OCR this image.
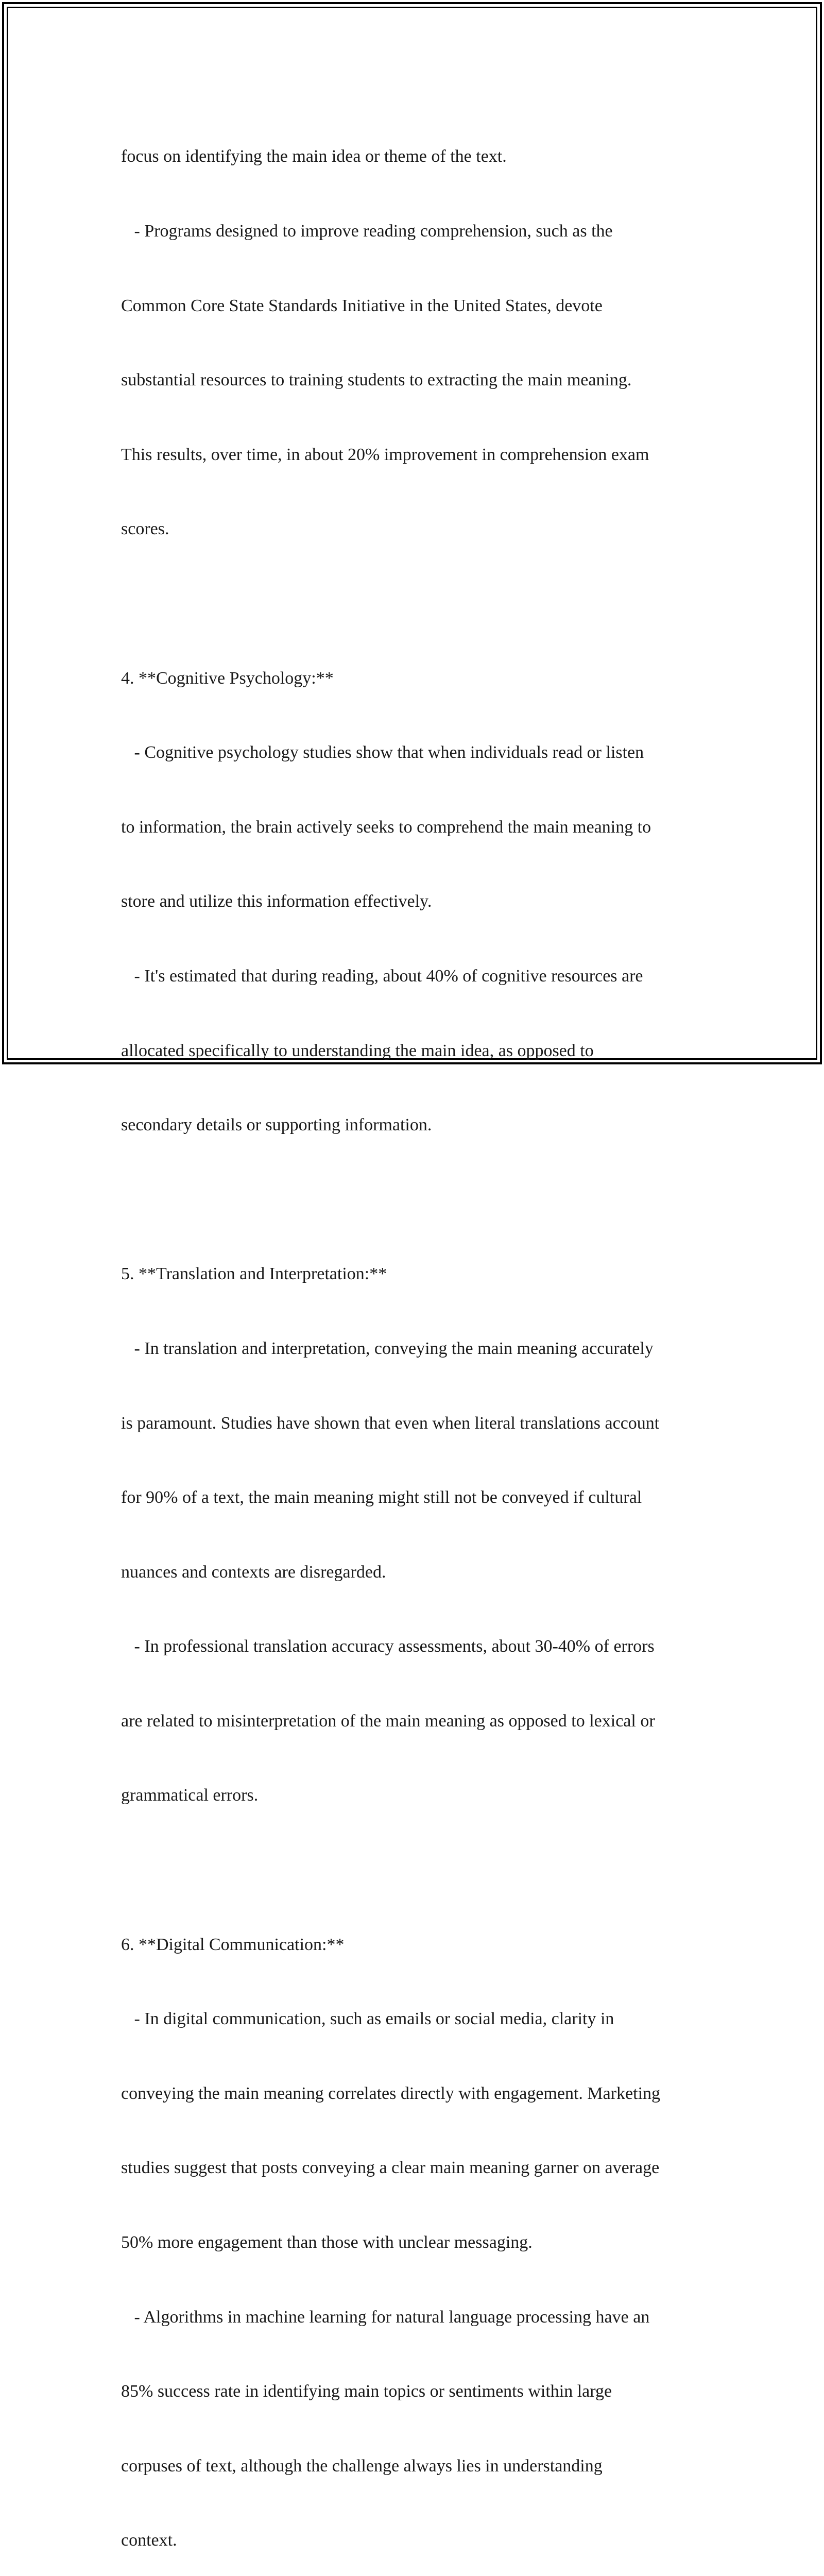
focus on identifying the main idea or theme of the text.

- Programs designed to improve reading comprehension, such as the

Common Core State Standards Initiative in the United States, devote

substantial resources to training students to extracting the main meaning.

This results, over time, in about 20% improvement in comprehension exam

scores.

4. **Cognitive Psychology:**

- Cognitive psychology studies show that when individuals read or listen

to information, the brain actively seeks to comprehend the main meaning to

store and utilize this information effectively.

- It's estimated that during reading, about 40% of cognitive resources are

allocated specifically to understanding the main idea, as opposed to

secondary details or supporting information.

5. **Translation and Interpretation:**

- In translation and interpretation, conveying the main meaning accurately

is paramount. Studies have shown that even when literal translations account

for 90% of a text, the main meaning might still not be conveyed if cultural

nuances and contexts are disregarded.

- In professional translation accuracy assessments, about 30-40% of errors

are related to misinterpretation of the main meaning as opposed to lexical or

grammatical errors.

6. **Digital Communication:**

- In digital communication, such as emails or social media, clarity in

conveying the main meaning correlates directly with engagement. Marketing

studies suggest that posts conveying a clear main meaning garner on average

50% more engagement than those with unclear messaging.

- Algorithms in machine learning for natural language processing have an

85% success rate in identifying main topics or sentiments within large

corpuses of text, although the challenge always lies in understanding

context.
